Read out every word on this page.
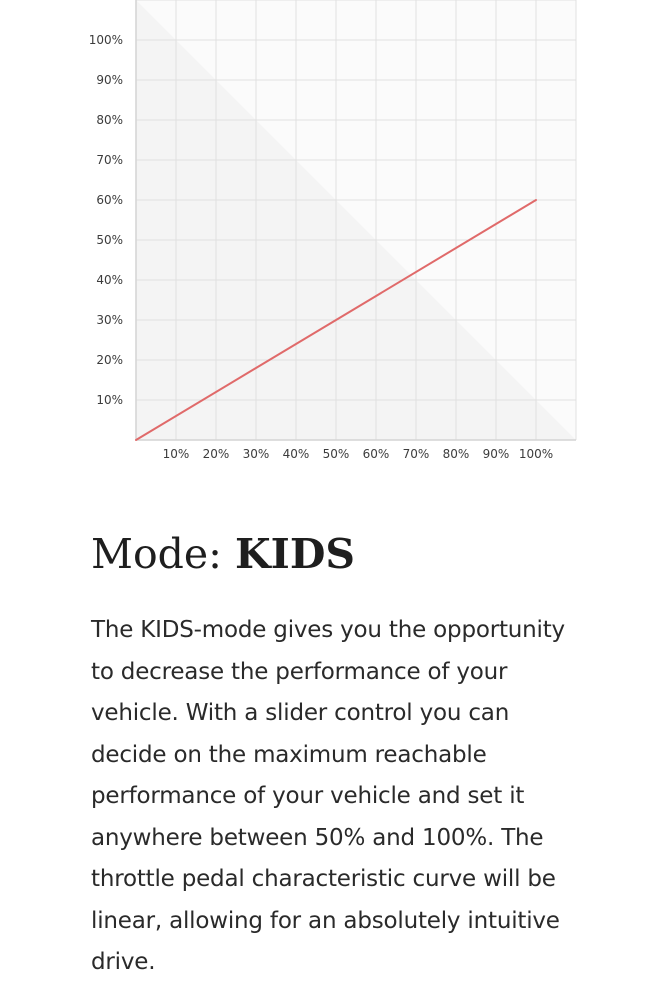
10%
20%
30%
40%
50%
60%
70%
80%
90%
100%
10% 20% 30% 40% 50% 60% 70% 80% 90% 100%
Mode: KIDS

The KIDS-mode gives you the opportunity to decrease the performance of your vehicle. With a slider control you can decide on the maximum reachable performance of your vehicle and set it anywhere between 50% and 100%. The throttle pedal characteristic curve will be linear, allowing for an absolutely intuitive drive.
